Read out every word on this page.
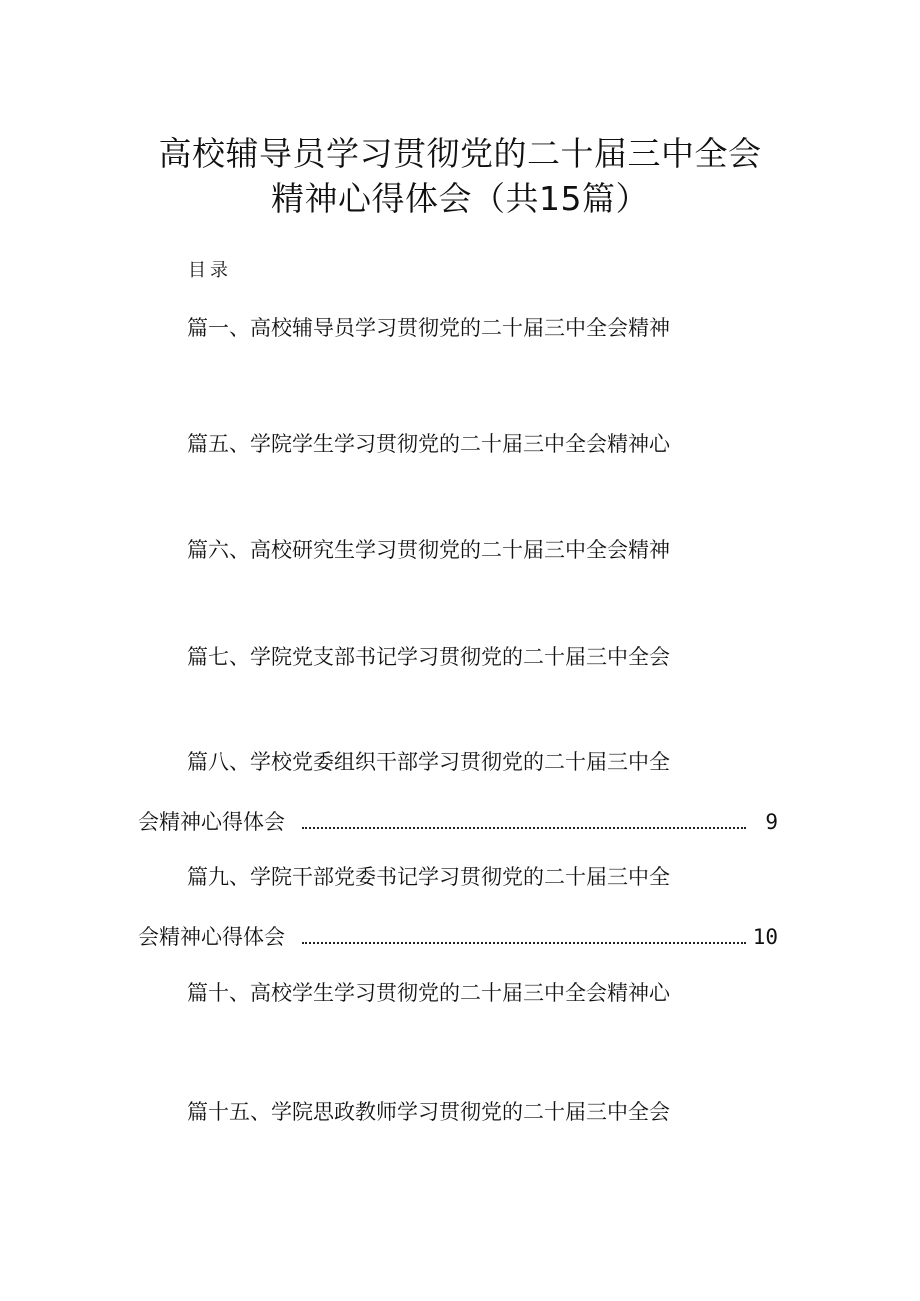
高校辅导员学习贯彻党的二十届三中全会
精神心得体会（共15篇）
目录
篇一、高校辅导员学习贯彻党的二十届三中全会精神
篇五、学院学生学习贯彻党的二十届三中全会精神心
篇六、高校研究生学习贯彻党的二十届三中全会精神
篇七、学院党支部书记学习贯彻党的二十届三中全会
篇八、学校党委组织干部学习贯彻党的二十届三中全
会精神心得体会	9
篇九、学院干部党委书记学习贯彻党的二十届三中全
会精神心得体会	10
篇十、高校学生学习贯彻党的二十届三中全会精神心
篇十五、学院思政教师学习贯彻党的二十届三中全会
